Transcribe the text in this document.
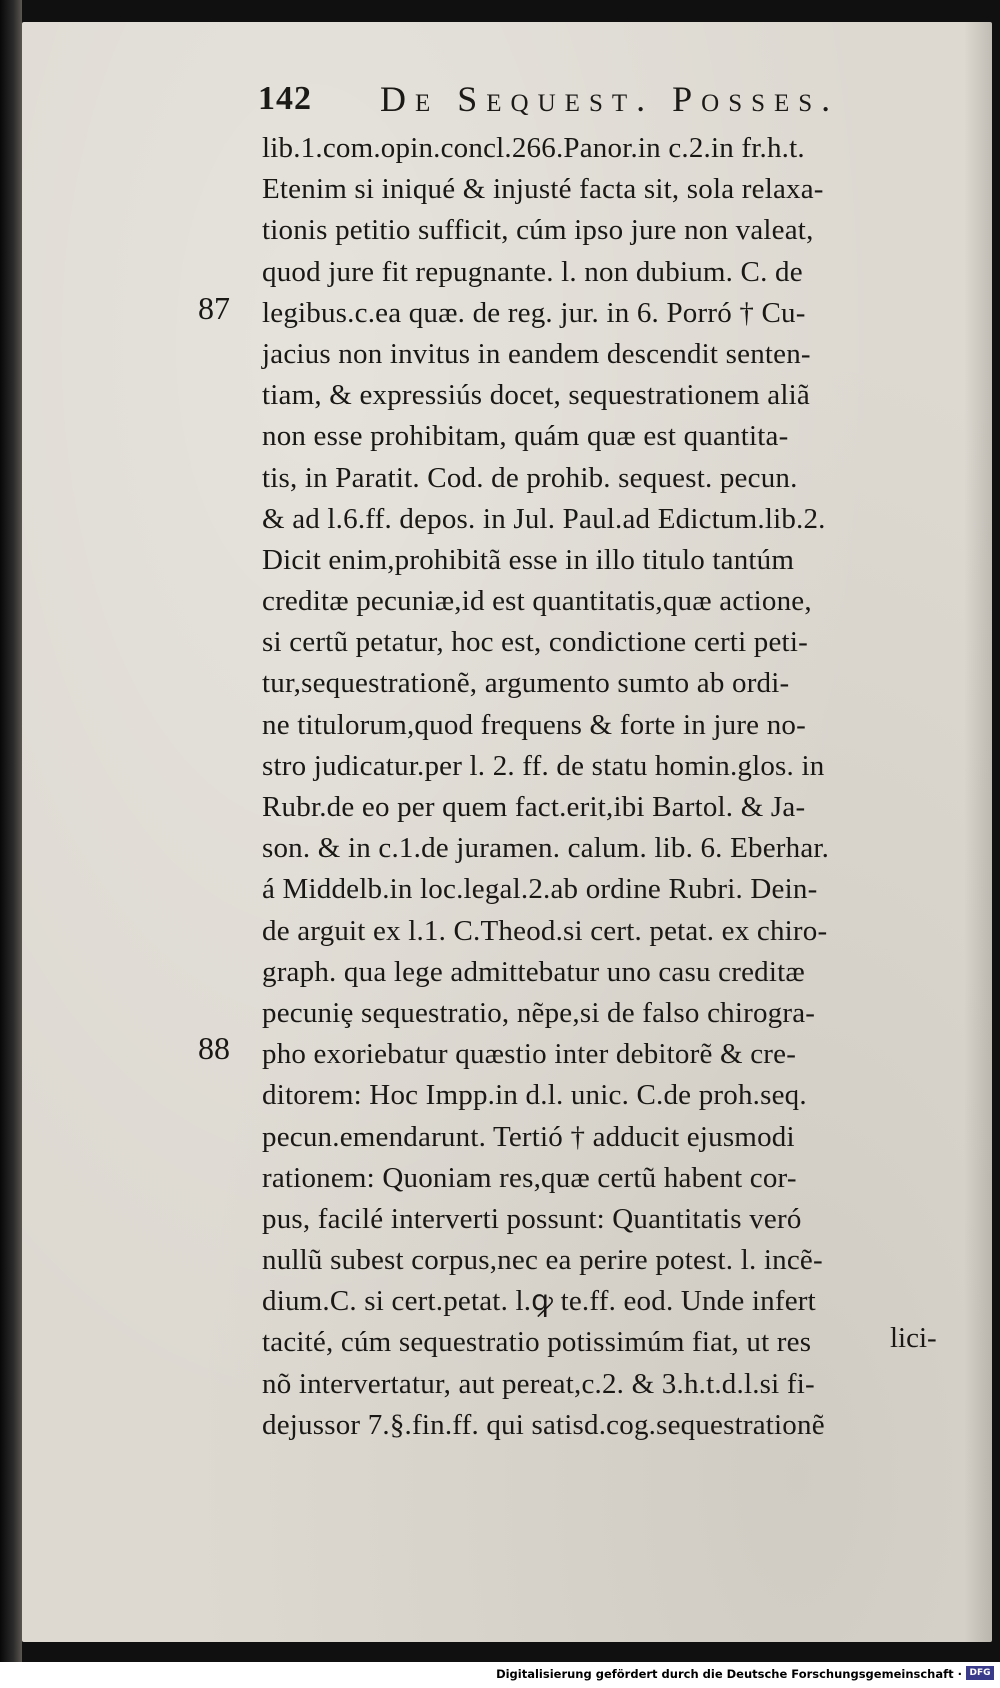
142 De Sequest. Posses.
87
88
lib.1.com.opin.concl.266.Panor.in c.2.in fr.h.t.
Etenim si iniqué & injusté facta sit, sola relaxa-
tionis petitio sufficit, cúm ipso jure non valeat,
quod jure fit repugnante. l. non dubium. C. de
legibus.c.ea quæ. de reg. jur. in 6. Porró † Cu-
jacius non invitus in eandem descendit senten-
tiam, & expressiús docet, sequestrationem aliã
non esse prohibitam, quám quæ est quantita-
tis, in Paratit. Cod. de prohib. sequest. pecun.
& ad l.6.ff. depos. in Jul. Paul.ad Edictum.lib.2.
Dicit enim,prohibitã esse in illo titulo tantúm
creditæ pecuniæ,id est quantitatis,quæ actione,
si certũ petatur, hoc est, condictione certi peti-
tur,sequestrationẽ, argumento sumto ab ordi-
ne titulorum,quod frequens & forte in jure no-
stro judicatur.per l. 2. ff. de statu homin.glos. in
Rubr.de eo per quem fact.erit,ibi Bartol. & Ja-
son. & in c.1.de juramen. calum. lib. 6. Eberhar.
á Middelb.in loc.legal.2.ab ordine Rubri. Dein-
de arguit ex l.1. C.Theod.si cert. petat. ex chiro-
graph. qua lege admittebatur uno casu creditæ
pecuniȩ sequestratio, nẽpe,si de falso chirogra-
pho exoriebatur quæstio inter debitorẽ & cre-
ditorem: Hoc Impp.in d.l. unic. C.de proh.seq.
pecun.emendarunt. Tertió † adducit ejusmodi
rationem: Quoniam res,quæ certũ habent cor-
pus, facilé interverti possunt: Quantitatis veró
nullũ subest corpus,nec ea perire potest. l. incẽ-
dium.C. si cert.petat. l.ꝙ te.ff. eod. Unde infert
tacité, cúm sequestratio potissimúm fiat, ut res
nõ intervertatur, aut pereat,c.2. & 3.h.t.d.l.si fi-
dejussor 7.§.fin.ff. qui satisd.cog.sequestrationẽ
lici-
Digitalisierung gefördert durch die Deutsche Forschungsgemeinschaft · DFG
